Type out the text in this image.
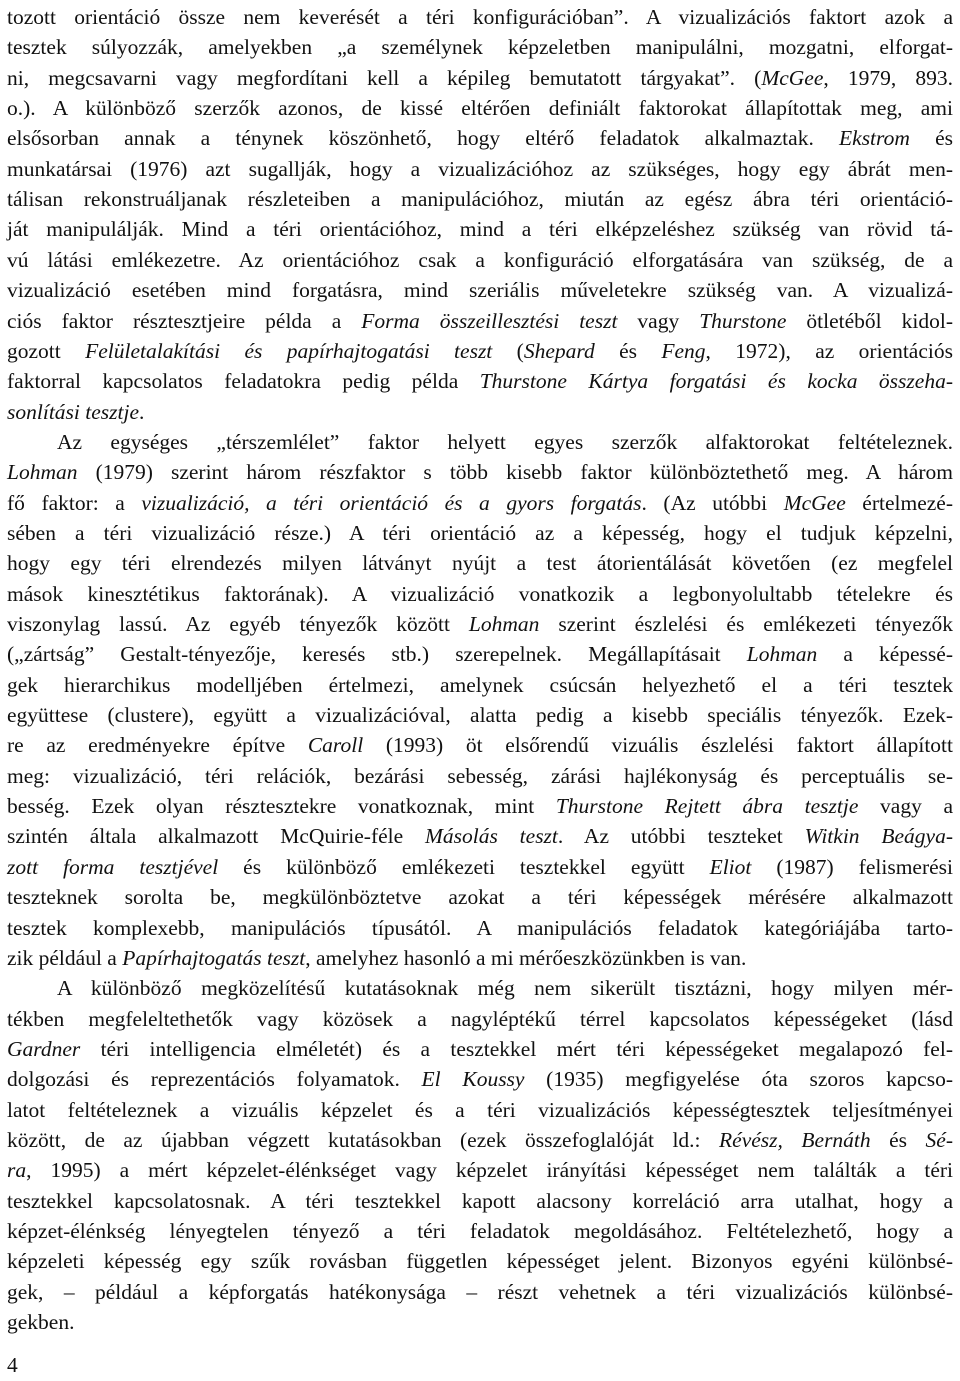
tozott orientáció össze nem keverését a téri konfigurációban”. A vizualizációs faktort azok a
tesztek súlyozzák, amelyekben „a személynek képzeletben manipulálni, mozgatni, elforgat-
ni, megcsavarni vagy megfordítani kell a képileg bemutatott tárgyakat”. (McGee, 1979, 893.
o.). A különböző szerzők azonos, de kissé eltérően definiált faktorokat állapítottak meg, ami
elsősorban annak a ténynek köszönhető, hogy eltérő feladatok alkalmaztak. Ekstrom és
munkatársai (1976) azt sugallják, hogy a vizualizációhoz az szükséges, hogy egy ábrát men-
tálisan rekonstruáljanak részleteiben a manipulációhoz, miután az egész ábra téri orientáció-
ját manipulálják. Mind a téri orientációhoz, mind a téri elképzeléshez szükség van rövid tá-
vú látási emlékezetre. Az orientációhoz csak a konfiguráció elforgatására van szükség, de a
vizualizáció esetében mind forgatásra, mind szeriális műveletekre szükség van. A vizualizá-
ciós faktor résztesztjeire példa a Forma összeillesztési teszt vagy Thurstone ötletéből kidol-
gozott Felületalakítási és papírhajtogatási teszt (Shepard és Feng, 1972), az orientációs
faktorral kapcsolatos feladatokra pedig példa Thurstone Kártya forgatási és kocka összeha-
sonlítási tesztje.
Az egységes „térszemlélet” faktor helyett egyes szerzők alfaktorokat feltételeznek.
Lohman (1979) szerint három részfaktor s több kisebb faktor különböztethető meg. A három
fő faktor: a vizualizáció, a téri orientáció és a gyors forgatás. (Az utóbbi McGee értelmezé-
sében a téri vizualizáció része.) A téri orientáció az a képesség, hogy el tudjuk képzelni,
hogy egy téri elrendezés milyen látványt nyújt a test átorientálását követően (ez megfelel
mások kinesztétikus faktorának). A vizualizáció vonatkozik a legbonyolultabb tételekre és
viszonylag lassú. Az egyéb tényezők között Lohman szerint észlelési és emlékezeti tényezők
(„zártság” Gestalt-tényezője, keresés stb.) szerepelnek. Megállapításait Lohman a képessé-
gek hierarchikus modelljében értelmezi, amelynek csúcsán helyezhető el a téri tesztek
együttese (clustere), együtt a vizualizációval, alatta pedig a kisebb speciális tényezők. Ezek-
re az eredményekre építve Caroll (1993) öt elsőrendű vizuális észlelési faktort állapított
meg: vizualizáció, téri relációk, bezárási sebesség, zárási hajlékonyság és perceptuális se-
besség. Ezek olyan résztesztekre vonatkoznak, mint Thurstone Rejtett ábra tesztje vagy a
szintén általa alkalmazott McQuirie-féle Másolás teszt. Az utóbbi teszteket Witkin Beágya-
zott forma tesztjével és különböző emlékezeti tesztekkel együtt Eliot (1987) felismerési
teszteknek sorolta be, megkülönböztetve azokat a téri képességek mérésére alkalmazott
tesztek komplexebb, manipulációs típusától. A manipulációs feladatok kategóriájába tarto-
zik például a Papírhajtogatás teszt, amelyhez hasonló a mi mérőeszközünkben is van.
A különböző megközelítésű kutatásoknak még nem sikerült tisztázni, hogy milyen mér-
tékben megfeleltethetők vagy közösek a nagyléptékű térrel kapcsolatos képességeket (lásd
Gardner téri intelligencia elméletét) és a tesztekkel mért téri képességeket megalapozó fel-
dolgozási és reprezentációs folyamatok. El Koussy (1935) megfigyelése óta szoros kapcso-
latot feltételeznek a vizuális képzelet és a téri vizualizációs képességtesztek teljesítményei
között, de az újabban végzett kutatásokban (ezek összefoglalóját ld.: Révész, Bernáth és Sé-
ra, 1995) a mért képzelet-élénkséget vagy képzelet irányítási képességet nem találták a téri
tesztekkel kapcsolatosnak. A téri tesztekkel kapott alacsony korreláció arra utalhat, hogy a
képzet-élénkség lényegtelen tényező a téri feladatok megoldásához. Feltételezhető, hogy a
képzeleti képesség egy szűk rovásban független képességet jelent. Bizonyos egyéni különbsé-
gek, – például a képforgatás hatékonysága – részt vehetnek a téri vizualizációs különbsé-
gekben.
4
